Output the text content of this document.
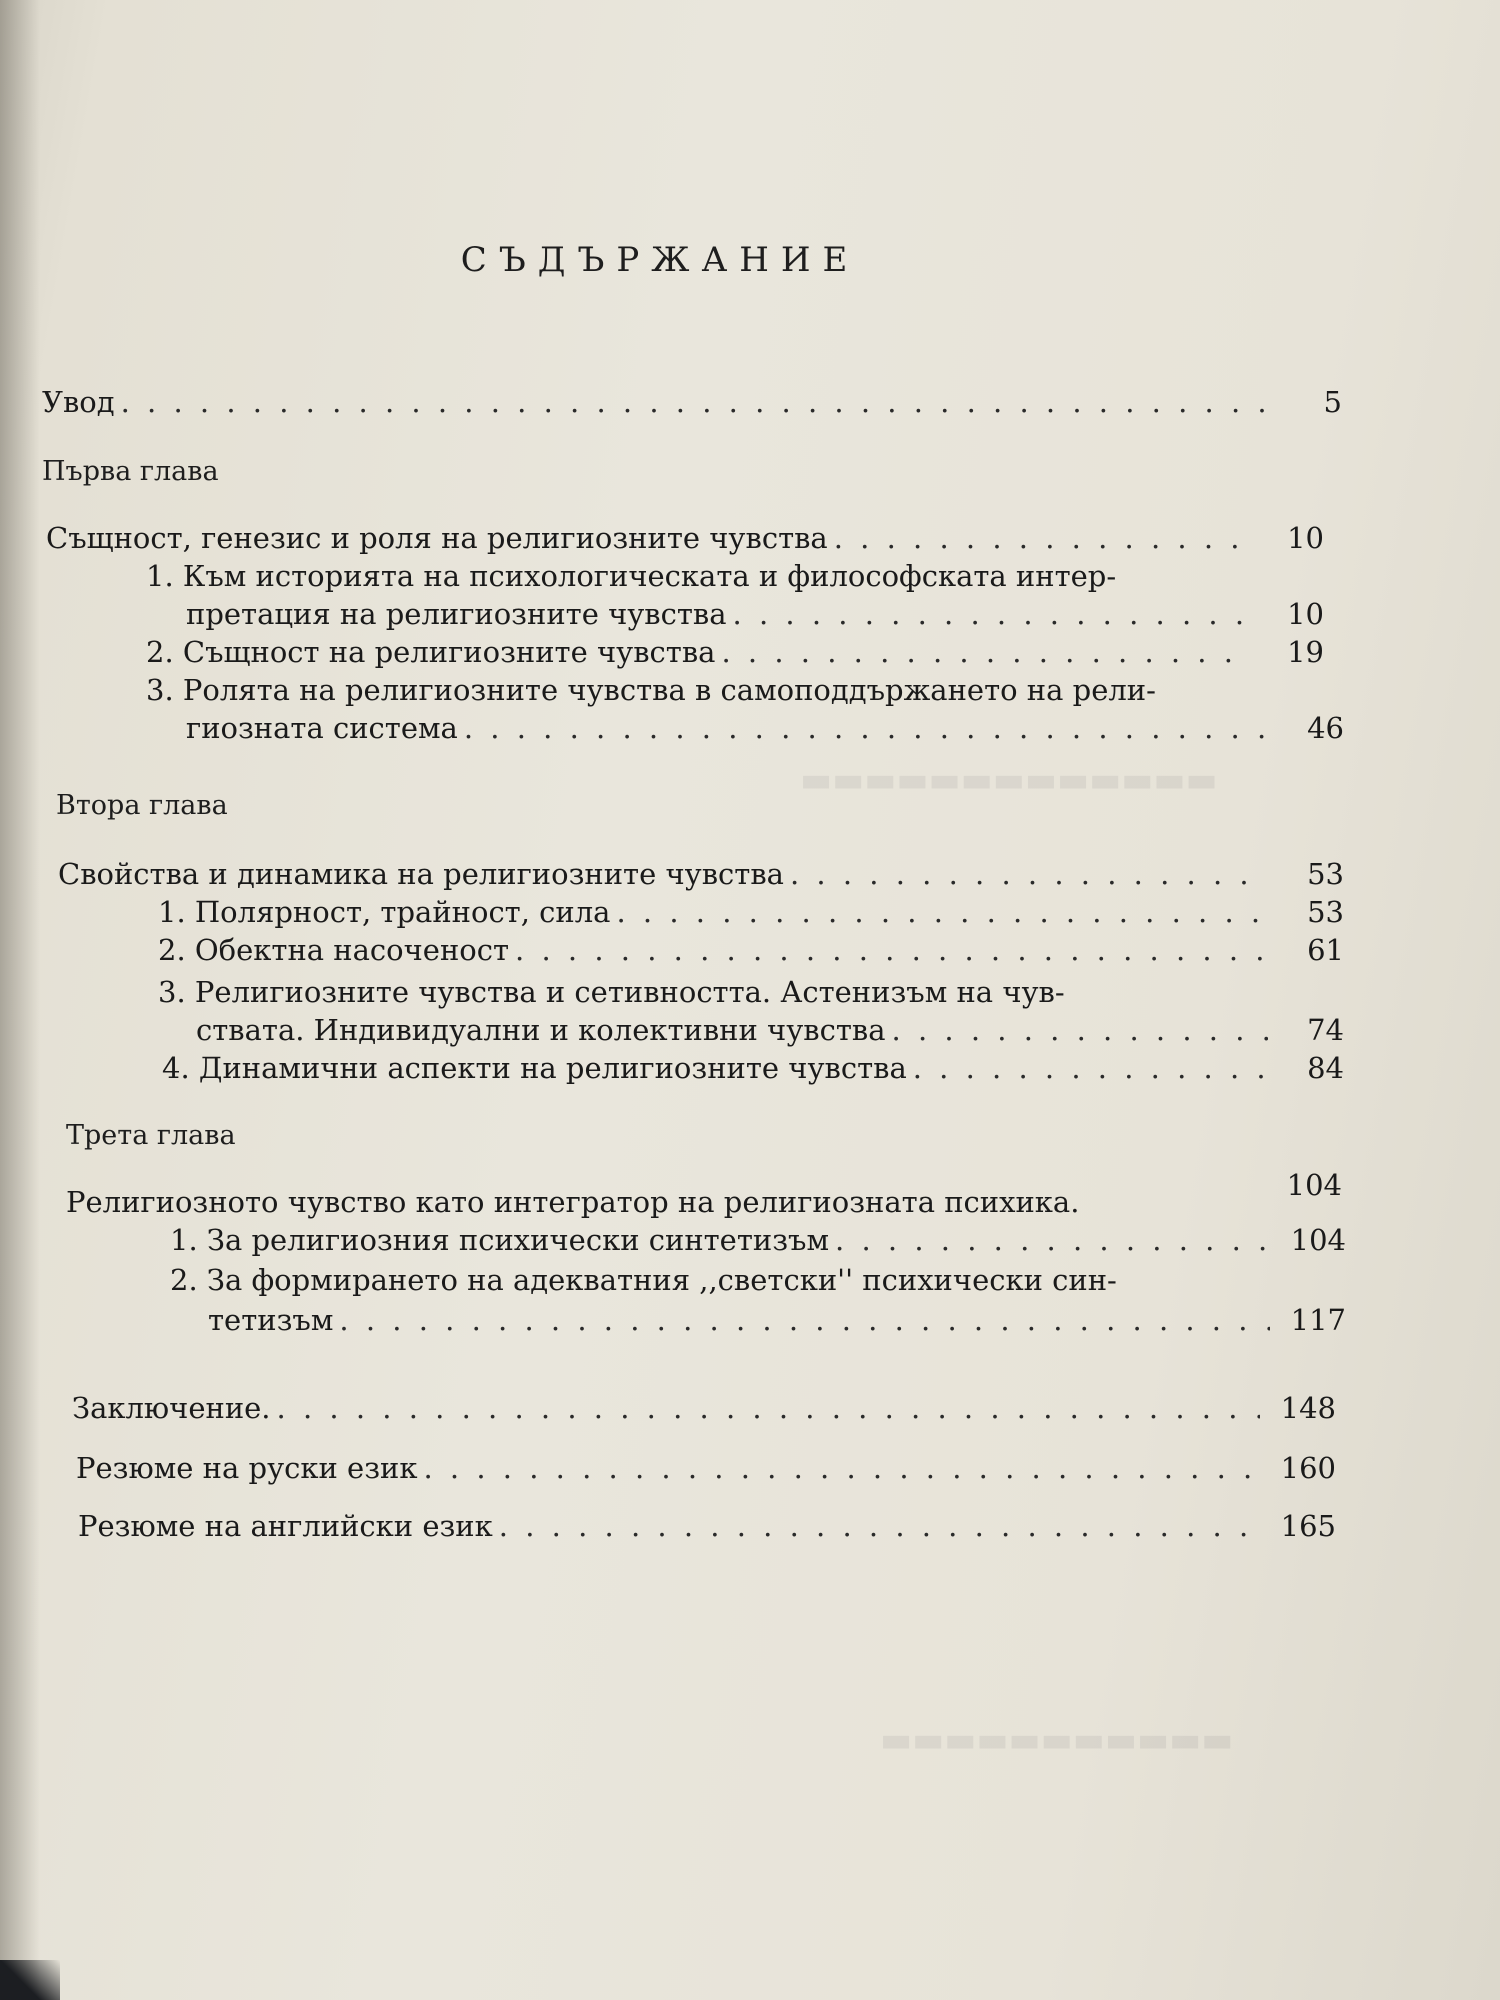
▬▬▬▬▬▬▬▬▬▬▬▬▬
▬▬▬▬▬▬▬▬▬▬▬
СЪДЪРЖАНИЕ
Увод . . .	5
Първа глава
Същност, генезис и роля на религиозните чувства . . .	10
1. Към историята на психологическата и философската интер-
претация на религиозните чувства . . .	10
2. Същност на религиозните чувства . . .	19
3. Ролята на религиозните чувства в самоподдържането на рели-
гиозната система . . .	46
Втора глава
Свойства и динамика на религиозните чувства . . .	53
1. Полярност, трайност, сила . . .	53
2. Обектна насоченост . . .	61
3. Религиозните чувства и сетивността. Астенизъм на чув-
ствата. Индивидуални и колективни чувства . . .	74
4. Динамични аспекти на религиозните чувства . . .	84
Трета глава
Религиозното чувство като интегратор на религиозната психика.	104
1. За религиозния психически синтетизъм . . .	104
2. За формирането на адекватния ,,светски'' психически син-
тетизъм . . .	117
Заключение. . . .	148
Резюме на руски език . . .	160
Резюме на английски език . . .	165
